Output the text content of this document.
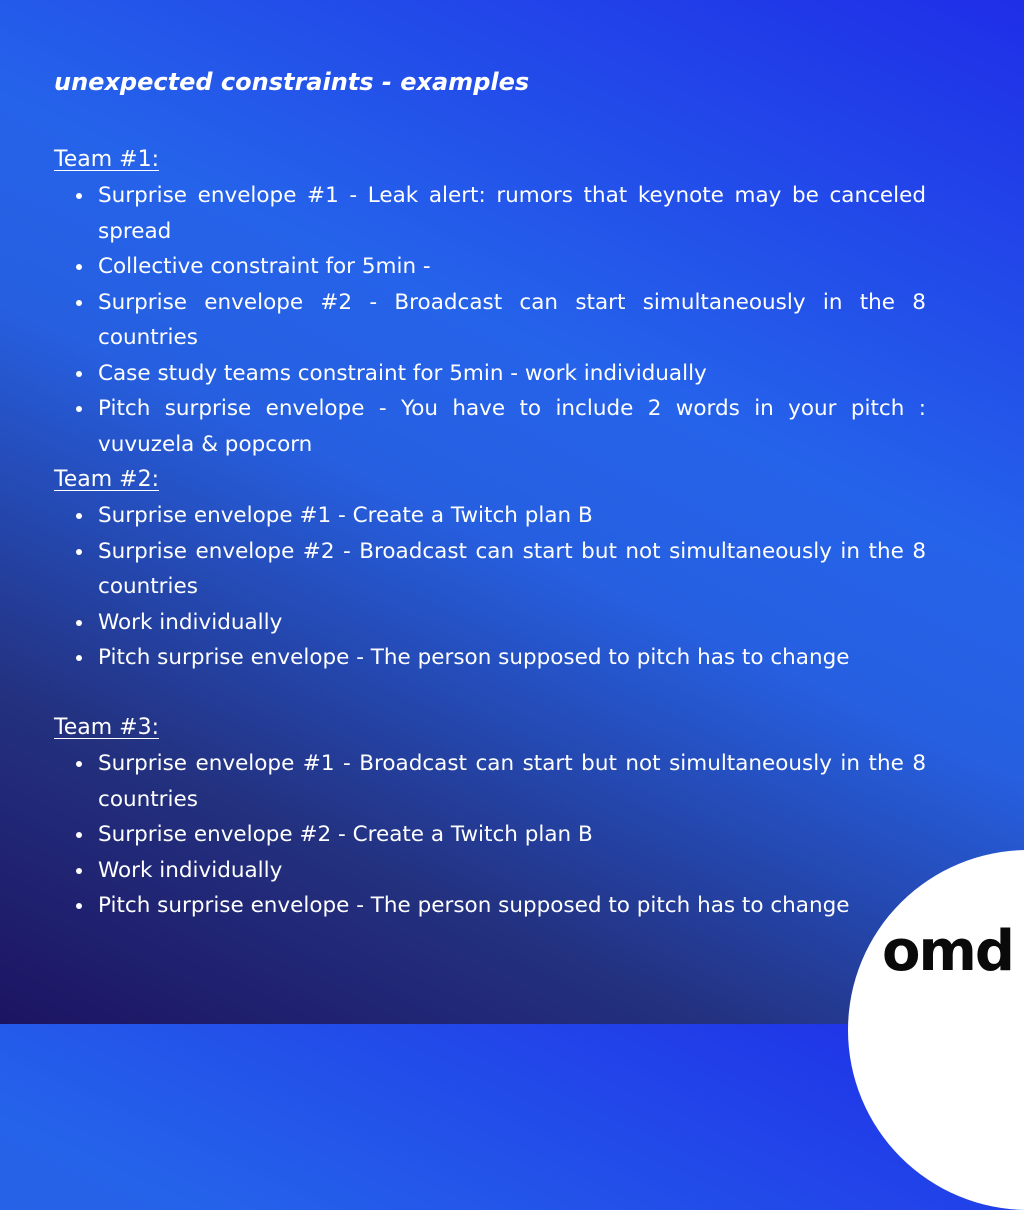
unexpected constraints - examples
Team #1:
Surprise envelope #1 - Leak alert: rumors that keynote may be canceled spread
Collective constraint for 5min -
Surprise envelope #2 - Broadcast can start simultaneously in the 8 countries
Case study teams constraint for 5min - work individually
Pitch surprise envelope - You have to include 2 words in your pitch : vuvuzela & popcorn
Team #2:
Surprise envelope #1 - Create a Twitch plan B
Surprise envelope #2 - Broadcast can start but not simultaneously in the 8 countries
Work individually
Pitch surprise envelope - The person supposed to pitch has to change
Team #3:
Surprise envelope #1 - Broadcast can start but not simultaneously in the 8 countries
Surprise envelope #2 - Create a Twitch plan B
Work individually
Pitch surprise envelope - The person supposed to pitch has to change
omd
